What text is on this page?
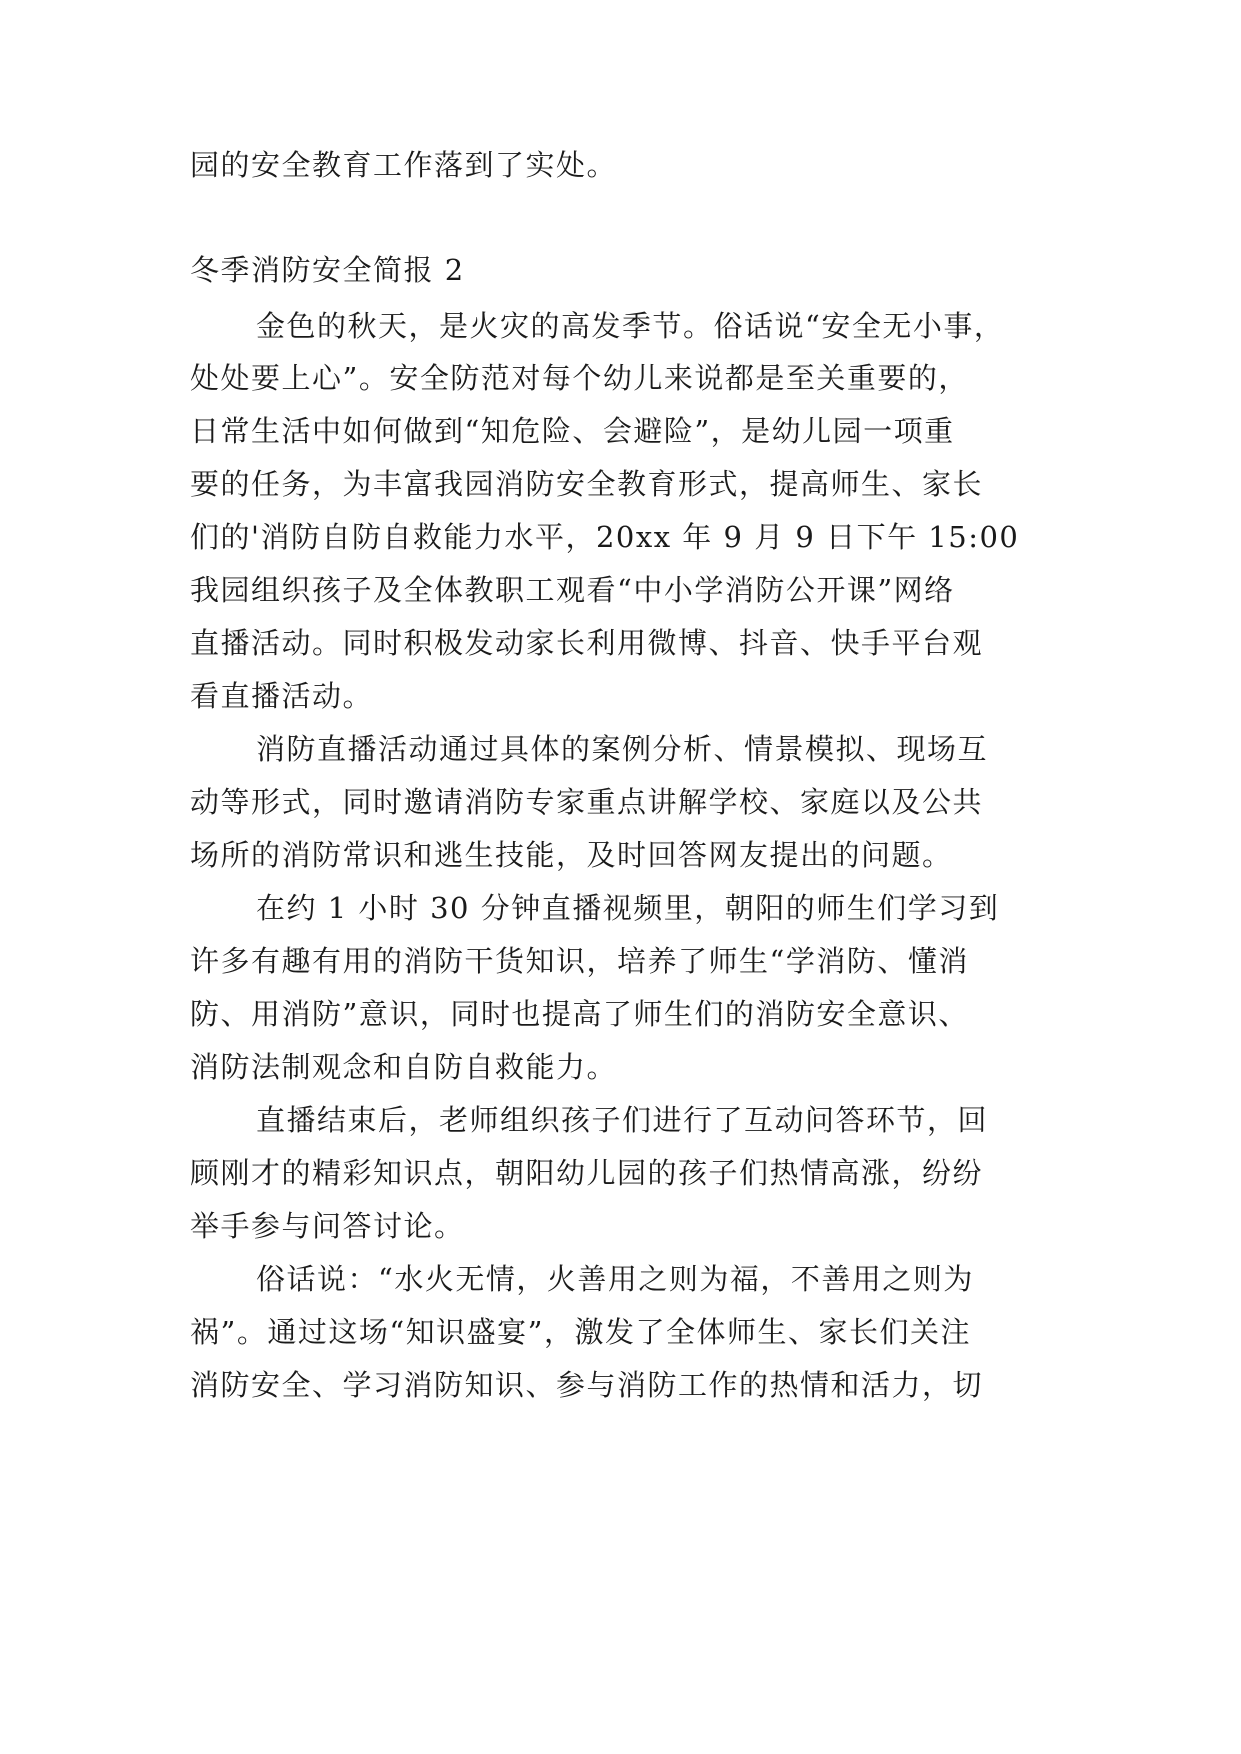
园的安全教育工作落到了实处。
冬季消防安全简报 2
金色的秋天，是火灾的高发季节。俗话说“安全无小事，
处处要上心”。安全防范对每个幼儿来说都是至关重要的，
日常生活中如何做到“知危险、会避险”，是幼儿园一项重
要的任务，为丰富我园消防安全教育形式，提高师生、家长
们的'消防自防自救能力水平，20xx 年 9 月 9 日下午 15:00
我园组织孩子及全体教职工观看“中小学消防公开课”网络
直播活动。同时积极发动家长利用微博、抖音、快手平台观
看直播活动。
消防直播活动通过具体的案例分析、情景模拟、现场互
动等形式，同时邀请消防专家重点讲解学校、家庭以及公共
场所的消防常识和逃生技能，及时回答网友提出的问题。
在约 1 小时 30 分钟直播视频里，朝阳的师生们学习到
许多有趣有用的消防干货知识，培养了师生“学消防、懂消
防、用消防”意识，同时也提高了师生们的消防安全意识、
消防法制观念和自防自救能力。
直播结束后，老师组织孩子们进行了互动问答环节，回
顾刚才的精彩知识点，朝阳幼儿园的孩子们热情高涨，纷纷
举手参与问答讨论。
俗话说：“水火无情，火善用之则为福，不善用之则为
祸”。通过这场“知识盛宴”，激发了全体师生、家长们关注
消防安全、学习消防知识、参与消防工作的热情和活力，切
